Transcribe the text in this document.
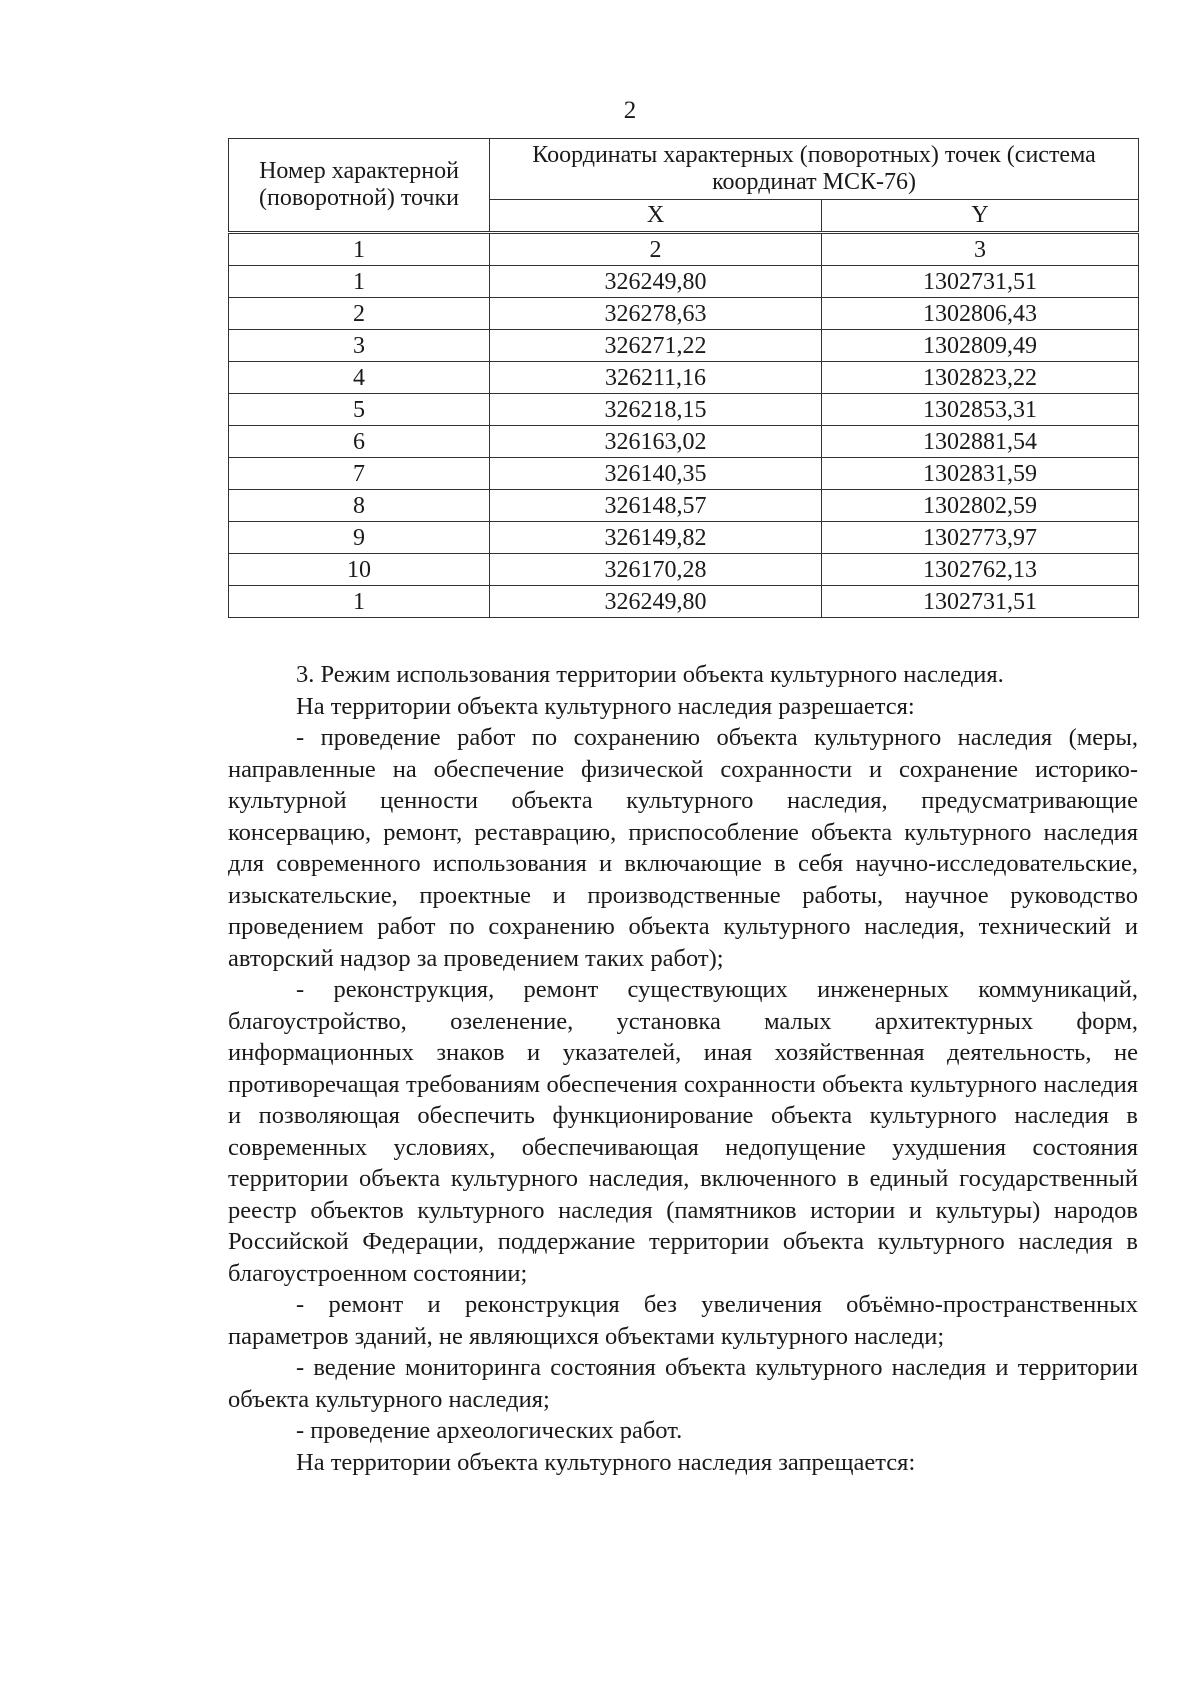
2
Номер характерной (поворотной) точки	Координаты характерных (поворотных) точек (система координат МСК-76)	
	X	Y
1	2	3
1	326249,80	1302731,51
2	326278,63	1302806,43
3	326271,22	1302809,49
4	326211,16	1302823,22
5	326218,15	1302853,31
6	326163,02	1302881,54
7	326140,35	1302831,59
8	326148,57	1302802,59
9	326149,82	1302773,97
10	326170,28	1302762,13
1	326249,80	1302731,51

3. Режим использования территории объекта культурного наследия.

На территории объекта культурного наследия разрешается:

- проведение работ по сохранению объекта культурного наследия (меры, направленные на обеспечение физической сохранности и сохранение историко-культурной ценности объекта культурного наследия, предусматривающие консервацию, ремонт, реставрацию, приспособление объекта культурного наследия для современного использования и включающие в себя научно-исследовательские, изыскательские, проектные и производственные работы, научное руководство проведением работ по сохранению объекта культурного наследия, технический и авторский надзор за проведением таких работ);

- реконструкция, ремонт существующих инженерных коммуникаций, благоустройство, озеленение, установка малых архитектурных форм, информационных знаков и указателей, иная хозяйственная деятельность, не противоречащая требованиям обеспечения сохранности объекта культурного наследия и позволяющая обеспечить функционирование объекта культурного наследия в современных условиях, обеспечивающая недопущение ухудшения состояния территории объекта культурного наследия, включенного в единый государственный реестр объектов культурного наследия (памятников истории и культуры) народов Российской Федерации, поддержание территории объекта культурного наследия в благоустроенном состоянии;

- ремонт и реконструкция без увеличения объёмно-пространственных параметров зданий, не являющихся объектами культурного наследи;

- ведение мониторинга состояния объекта культурного наследия и территории объекта культурного наследия;

- проведение археологических работ.

На территории объекта культурного наследия запрещается:
